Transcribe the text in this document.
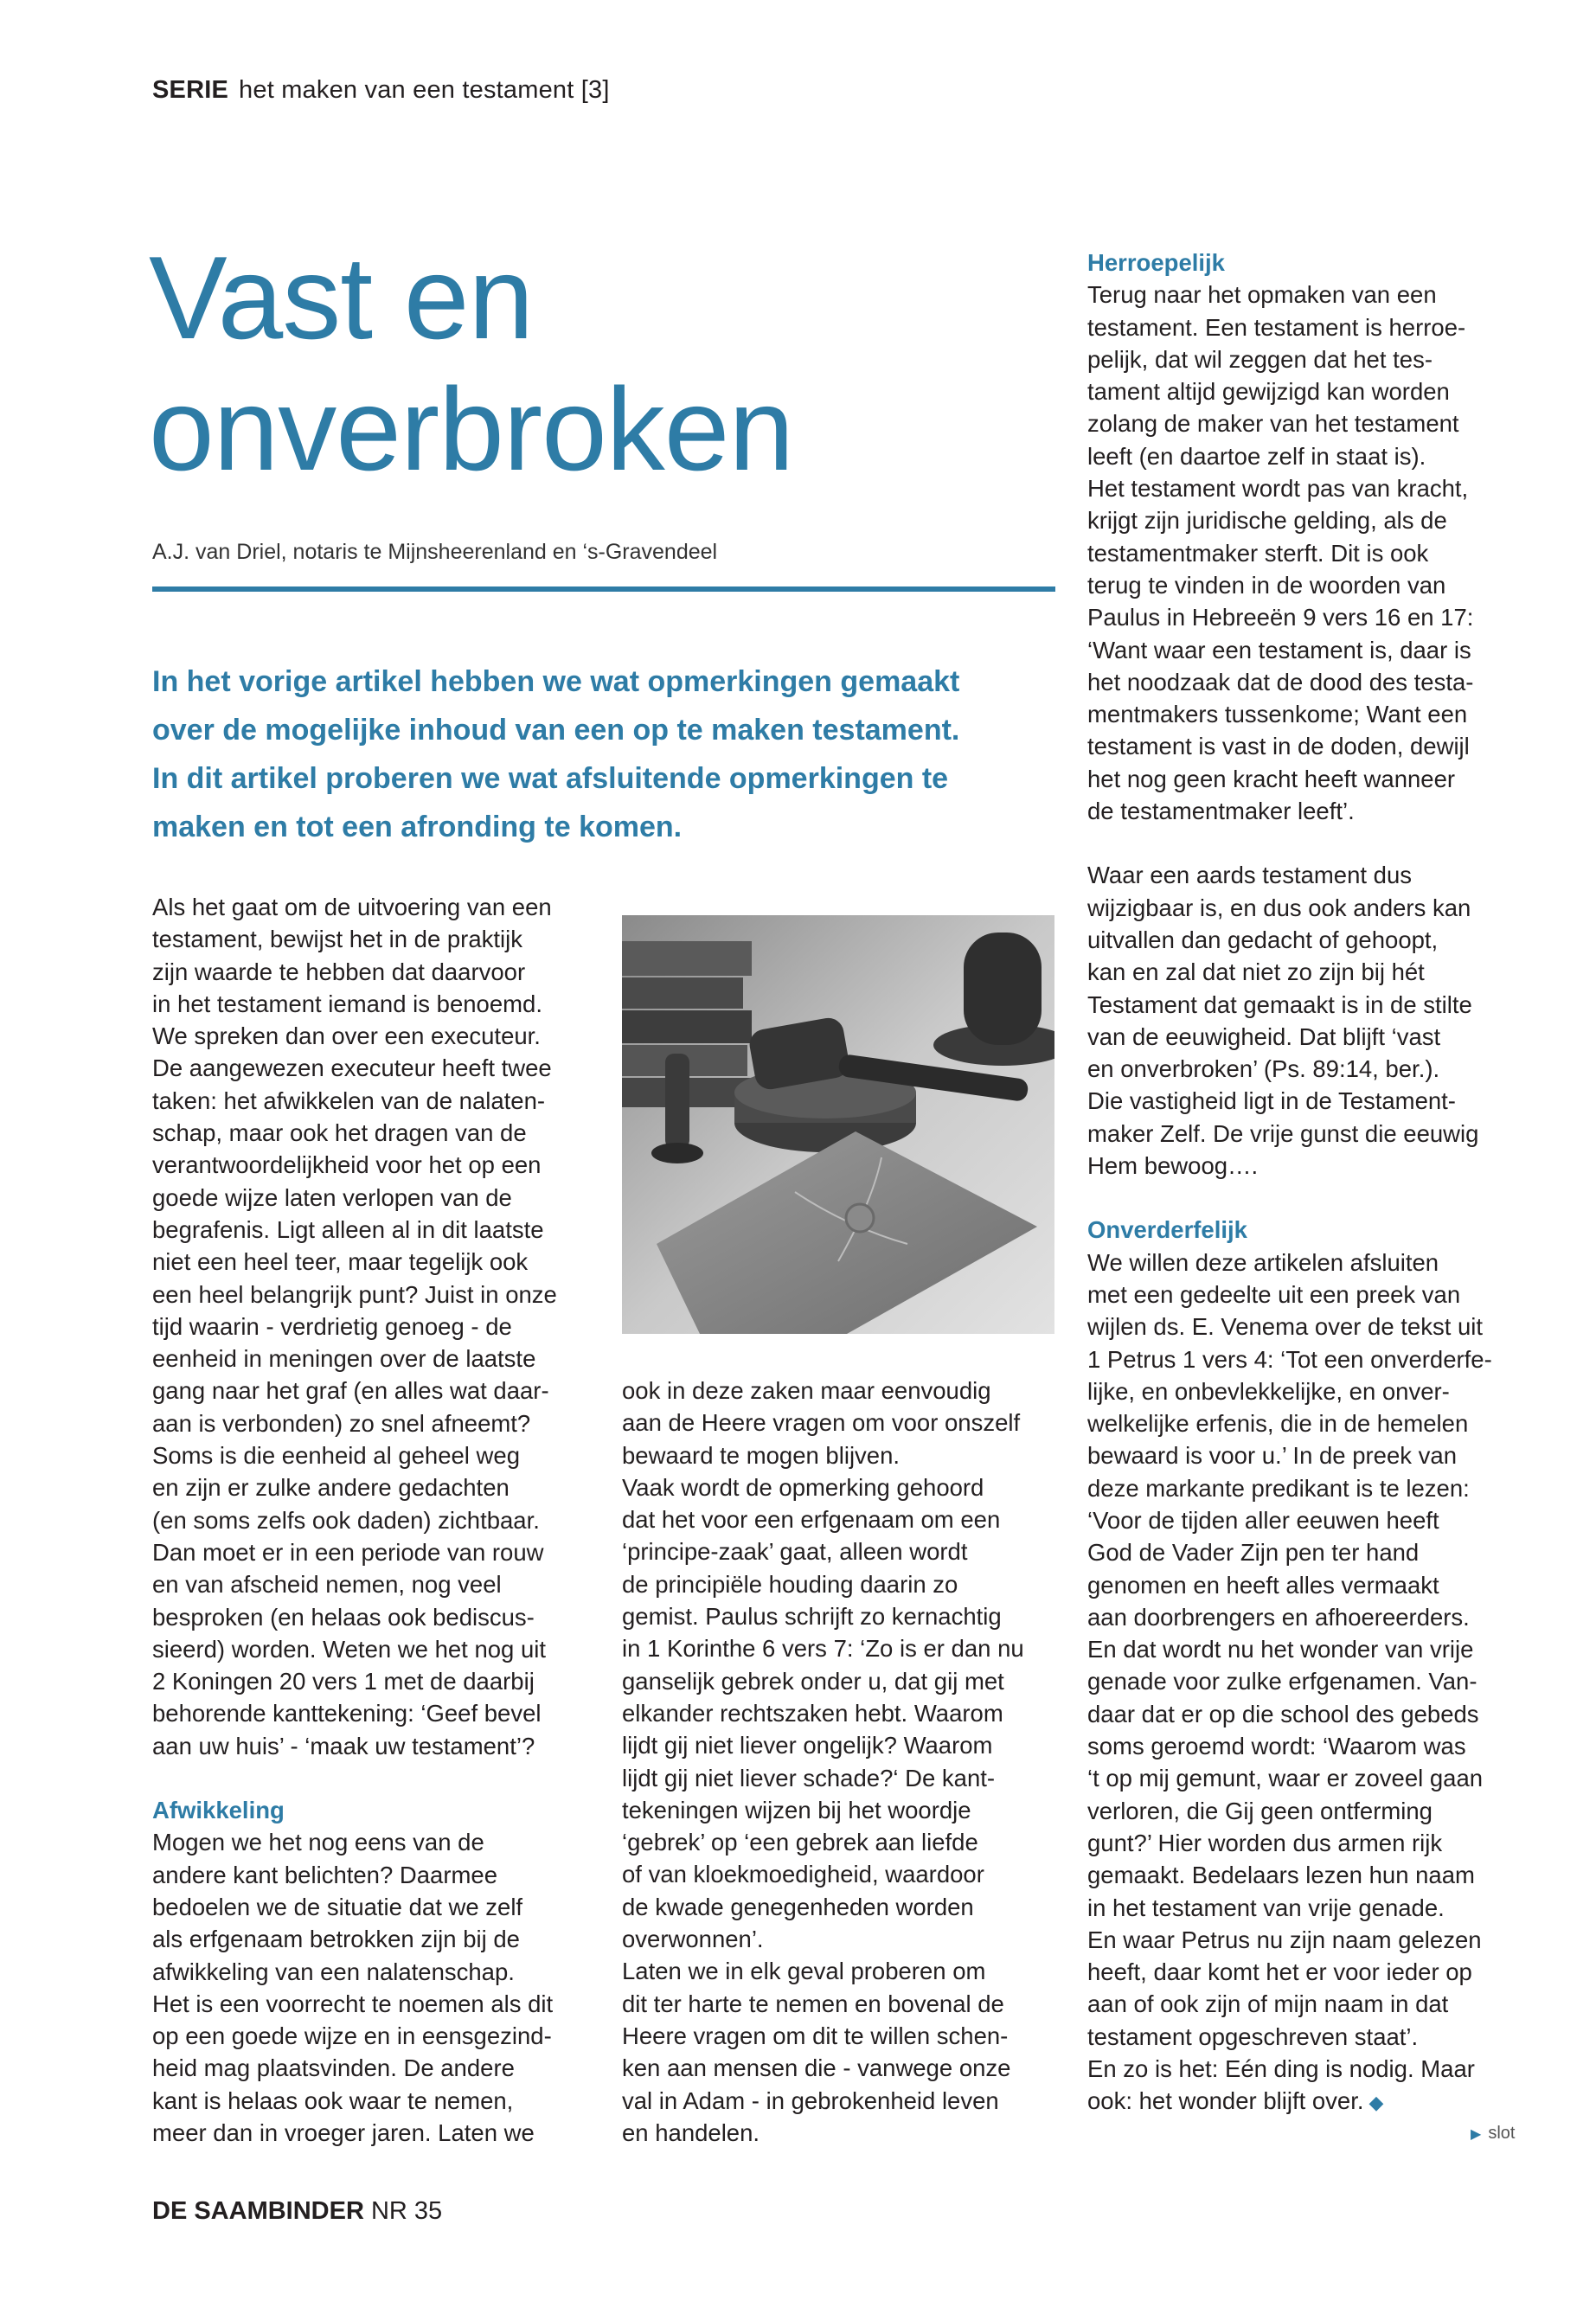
SERIE het maken van een testament [3]
Vast en
onverbroken
A.J. van Driel, notaris te Mijnsheerenland en ‘s-Gravendeel

In het vorige artikel hebben we wat opmerkingen gemaakt
over de mogelijke inhoud van een op te maken testament.
In dit artikel proberen we wat afsluitende opmerkingen te
maken en tot een afronding te komen.

Als het gaat om de uitvoering van een
testament, bewijst het in de praktijk
zijn waarde te hebben dat daarvoor
in het testament iemand is benoemd.
We spreken dan over een executeur.
De aangewezen executeur heeft twee
taken: het afwikkelen van de nalaten-
schap, maar ook het dragen van de
verantwoordelijkheid voor het op een
goede wijze laten verlopen van de
begrafenis. Ligt alleen al in dit laatste
niet een heel teer, maar tegelijk ook
een heel belangrijk punt? Juist in onze
tijd waarin - verdrietig genoeg - de
eenheid in meningen over de laatste
gang naar het graf (en alles wat daar-
aan is verbonden) zo snel afneemt?
Soms is die eenheid al geheel weg
en zijn er zulke andere gedachten
(en soms zelfs ook daden) zichtbaar.
Dan moet er in een periode van rouw
en van afscheid nemen, nog veel
besproken (en helaas ook bediscus-
sieerd) worden. Weten we het nog uit
2 Koningen 20 vers 1 met de daarbij
behorende kanttekening: ‘Geef bevel
aan uw huis’ - ‘maak uw testament’?

Afwikkeling

Mogen we het nog eens van de
andere kant belichten? Daarmee
bedoelen we de situatie dat we zelf
als erfgenaam betrokken zijn bij de
afwikkeling van een nalatenschap.
Het is een voorrecht te noemen als dit
op een goede wijze en in eensgezind-
heid mag plaatsvinden. De andere
kant is helaas ook waar te nemen,
meer dan in vroeger jaren. Laten we

ook in deze zaken maar eenvoudig
aan de Heere vragen om voor onszelf
bewaard te mogen blijven.
Vaak wordt de opmerking gehoord
dat het voor een erfgenaam om een
‘principe-zaak’ gaat, alleen wordt
de principiële houding daarin zo
gemist. Paulus schrijft zo kernachtig
in 1 Korinthe 6 vers 7: ‘Zo is er dan nu
ganselijk gebrek onder u, dat gij met
elkander rechtszaken hebt. Waarom
lijdt gij niet liever ongelijk? Waarom
lijdt gij niet liever schade?‘ De kant-
tekeningen wijzen bij het woordje
‘gebrek’ op ‘een gebrek aan liefde
of van kloekmoedigheid, waardoor
de kwade genegenheden worden
overwonnen’.
Laten we in elk geval proberen om
dit ter harte te nemen en bovenal de
Heere vragen om dit te willen schen-
ken aan mensen die - vanwege onze
val in Adam - in gebrokenheid leven
en handelen.

Herroepelijk

Terug naar het opmaken van een
testament. Een testament is herroe-
pelijk, dat wil zeggen dat het tes-
tament altijd gewijzigd kan worden
zolang de maker van het testament
leeft (en daartoe zelf in staat is).
Het testament wordt pas van kracht,
krijgt zijn juridische gelding, als de
testamentmaker sterft. Dit is ook
terug te vinden in de woorden van
Paulus in Hebreeën 9 vers 16 en 17:
‘Want waar een testament is, daar is
het noodzaak dat de dood des testa-
mentmakers tussenkome; Want een
testament is vast in de doden, dewijl
het nog geen kracht heeft wanneer
de testamentmaker leeft’.

Waar een aards testament dus
wijzigbaar is, en dus ook anders kan
uitvallen dan gedacht of gehoopt,
kan en zal dat niet zo zijn bij hét
Testament dat gemaakt is in de stilte
van de eeuwigheid. Dat blijft ‘vast
en onverbroken’ (Ps. 89:14, ber.).
Die vastigheid ligt in de Testament-
maker Zelf. De vrije gunst die eeuwig
Hem bewoog….

Onverderfelijk

We willen deze artikelen afsluiten
met een gedeelte uit een preek van
wijlen ds. E. Venema over de tekst uit
1 Petrus 1 vers 4: ‘Tot een onverderfe-
lijke, en onbevlekkelijke, en onver-
welkelijke erfenis, die in de hemelen
bewaard is voor u.’ In de preek van
deze markante predikant is te lezen:
‘Voor de tijden aller eeuwen heeft
God de Vader Zijn pen ter hand
genomen en heeft alles vermaakt
aan doorbrengers en afhoereerders.
En dat wordt nu het wonder van vrije
genade voor zulke erfgenamen. Van-
daar dat er op die school des gebeds
soms geroemd wordt: ‘Waarom was
‘t op mij gemunt, waar er zoveel gaan
verloren, die Gij geen ontferming
gunt?’ Hier worden dus armen rijk
gemaakt. Bedelaars lezen hun naam
in het testament van vrije genade.
En waar Petrus nu zijn naam gelezen
heeft, daar komt het er voor ieder op
aan of ook zijn of mijn naam in dat
testament opgeschreven staat’.
En zo is het: Eén ding is nodig. Maar
ook: het wonder blijft over. ◆

▶ slot
DE SAAMBINDER NR 35
